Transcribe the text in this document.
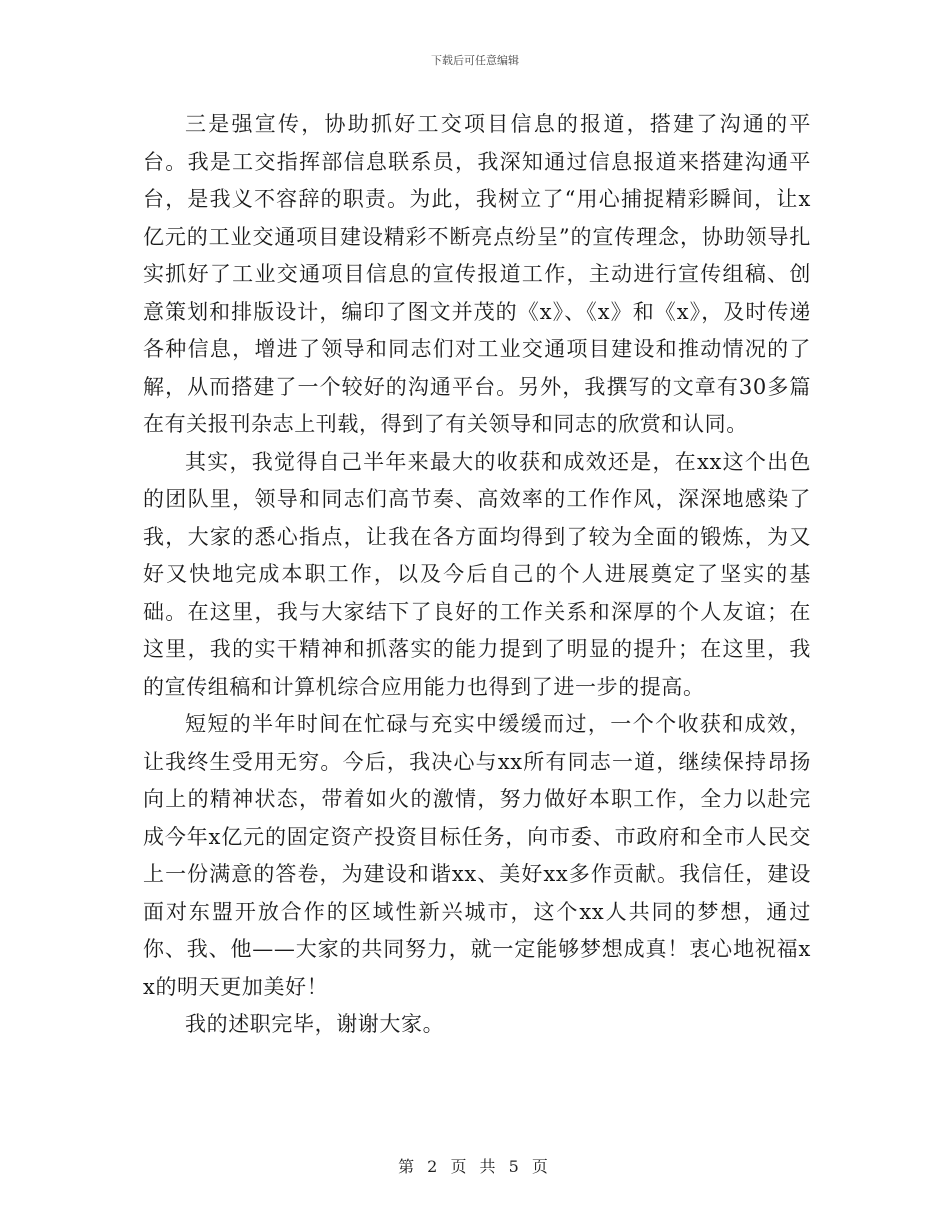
下载后可任意编辑

三是强宣传，协助抓好工交项目信息的报道，搭建了沟通的平台。我是工交指挥部信息联系员，我深知通过信息报道来搭建沟通平台，是我义不容辞的职责。为此，我树立了“用心捕捉精彩瞬间，让x亿元的工业交通项目建设精彩不断亮点纷呈”的宣传理念，协助领导扎实抓好了工业交通项目信息的宣传报道工作，主动进行宣传组稿、创意策划和排版设计，编印了图文并茂的《x》、《x》和《x》，及时传递各种信息，增进了领导和同志们对工业交通项目建设和推动情况的了解，从而搭建了一个较好的沟通平台。另外，我撰写的文章有30多篇在有关报刊杂志上刊载，得到了有关领导和同志的欣赏和认同。

其实，我觉得自己半年来最大的收获和成效还是，在xx这个出色的团队里，领导和同志们高节奏、高效率的工作作风，深深地感染了我，大家的悉心指点，让我在各方面均得到了较为全面的锻炼，为又好又快地完成本职工作，以及今后自己的个人进展奠定了坚实的基础。在这里，我与大家结下了良好的工作关系和深厚的个人友谊；在这里，我的实干精神和抓落实的能力提到了明显的提升；在这里，我的宣传组稿和计算机综合应用能力也得到了进一步的提高。

短短的半年时间在忙碌与充实中缓缓而过，一个个收获和成效，让我终生受用无穷。今后，我决心与xx所有同志一道，继续保持昂扬向上的精神状态，带着如火的激情，努力做好本职工作，全力以赴完成今年x亿元的固定资产投资目标任务，向市委、市政府和全市人民交上一份满意的答卷，为建设和谐xx、美好xx多作贡献。我信任，建设面对东盟开放合作的区域性新兴城市，这个xx人共同的梦想，通过你、我、他——大家的共同努力，就一定能够梦想成真！衷心地祝福xx的明天更加美好！

我的述职完毕，谢谢大家。

第 2 页 共 5 页
